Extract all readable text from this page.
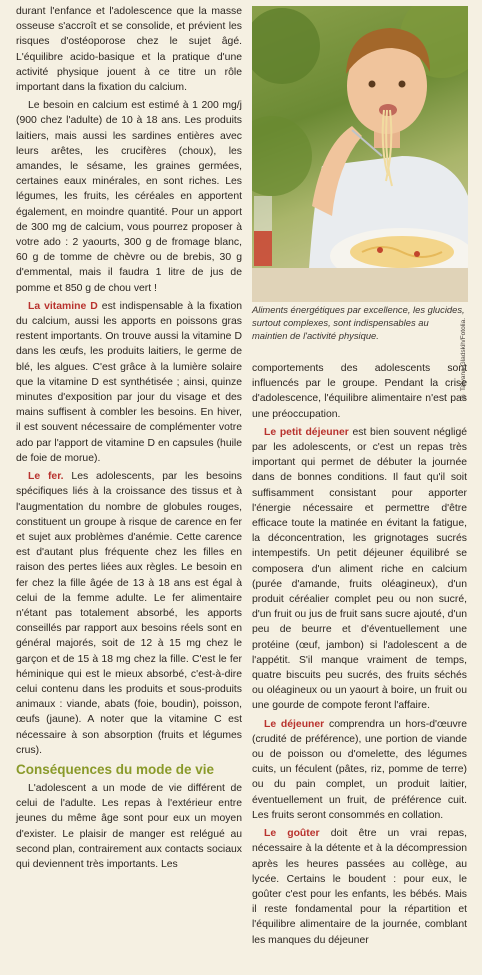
durant l'enfance et l'adolescence que la masse osseuse s'accroît et se consolide, et prévient les risques d'ostéoporose chez le sujet âgé. L'équilibre acido-basique et la pratique d'une activité physique jouent à ce titre un rôle important dans la fixation du calcium.

Le besoin en calcium est estimé à 1 200 mg/j (900 chez l'adulte) de 10 à 18 ans. Les produits laitiers, mais aussi les sardines entières avec leurs arêtes, les crucifères (choux), les amandes, le sésame, les graines germées, certaines eaux minérales, en sont riches. Les légumes, les fruits, les céréales en apportent également, en moindre quantité. Pour un apport de 300 mg de calcium, vous pourrez proposer à votre ado : 2 yaourts, 300 g de fromage blanc, 60 g de tomme de chèvre ou de brebis, 30 g d'emmental, mais il faudra 1 litre de jus de pomme et 850 g de chou vert !

La vitamine D est indispensable à la fixation du calcium, aussi les apports en poissons gras restent importants. On trouve aussi la vitamine D dans les œufs, les produits laitiers, le germe de blé, les algues. C'est grâce à la lumière solaire que la vitamine D est synthétisée ; ainsi, quinze minutes d'exposition par jour du visage et des mains suffisent à combler les besoins. En hiver, il est souvent nécessaire de complémenter votre ado par l'apport de vitamine D en capsules (huile de foie de morue).

Le fer. Les adolescents, par les besoins spécifiques liés à la croissance des tissus et à l'augmentation du nombre de globules rouges, constituent un groupe à risque de carence en fer et sujet aux problèmes d'anémie. Cette carence est d'autant plus fréquente chez les filles en raison des pertes liées aux règles. Le besoin en fer chez la fille âgée de 13 à 18 ans est égal à celui de la femme adulte. Le fer alimentaire n'étant pas totalement absorbé, les apports conseillés par rapport aux besoins réels sont en général majorés, soit de 12 à 15 mg chez le garçon et de 15 à 18 mg chez la fille. C'est le fer héminique qui est le mieux absorbé, c'est-à-dire celui contenu dans les produits et sous-produits animaux : viande, abats (foie, boudin), poisson, œufs (jaune). A noter que la vitamine C est nécessaire à son absorption (fruits et légumes crus).

Conséquences du mode de vie

L'adolescent a un mode de vie différent de celui de l'adulte. Les repas à l'extérieur entre jeunes du même âge sont pour eux un moyen d'exister. Le plaisir de manger est relégué au second plan, contrairement aux contacts sociaux qui deviennent très importants. Les

Aliments énergétiques par excellence, les glucides, surtout complexes, sont indispensables au maintien de l'activité physique.	© Tatyana Gladskih/Fotolia.

comportements des adolescents sont influencés par le groupe. Pendant la crise d'adolescence, l'équilibre alimentaire n'est pas une préoccupation.

Le petit déjeuner est bien souvent négligé par les adolescents, or c'est un repas très important qui permet de débuter la journée dans de bonnes conditions. Il faut qu'il soit suffisamment consistant pour apporter l'énergie nécessaire et permettre d'être efficace toute la matinée en évitant la fatigue, la déconcentration, les grignotages sucrés intempestifs. Un petit déjeuner équilibré se composera d'un aliment riche en calcium (purée d'amande, fruits oléagineux), d'un produit céréalier complet peu ou non sucré, d'un fruit ou jus de fruit sans sucre ajouté, d'un peu de beurre et d'éventuellement une protéine (œuf, jambon) si l'adolescent a de l'appétit. S'il manque vraiment de temps, quatre biscuits peu sucrés, des fruits séchés ou oléagineux ou un yaourt à boire, un fruit ou une gourde de compote feront l'affaire.

Le déjeuner comprendra un hors-d'œuvre (crudité de préférence), une portion de viande ou de poisson ou d'omelette, des légumes cuits, un féculent (pâtes, riz, pomme de terre) ou du pain complet, un produit laitier, éventuellement un fruit, de préférence cuit. Les fruits seront consommés en collation.

Le goûter doit être un vrai repas, nécessaire à la détente et à la décompression après les heures passées au collège, au lycée. Certains le boudent : pour eux, le goûter c'est pour les enfants, les bébés. Mais il reste fondamental pour la répartition et l'équilibre alimentaire de la journée, comblant les manques du déjeuner
